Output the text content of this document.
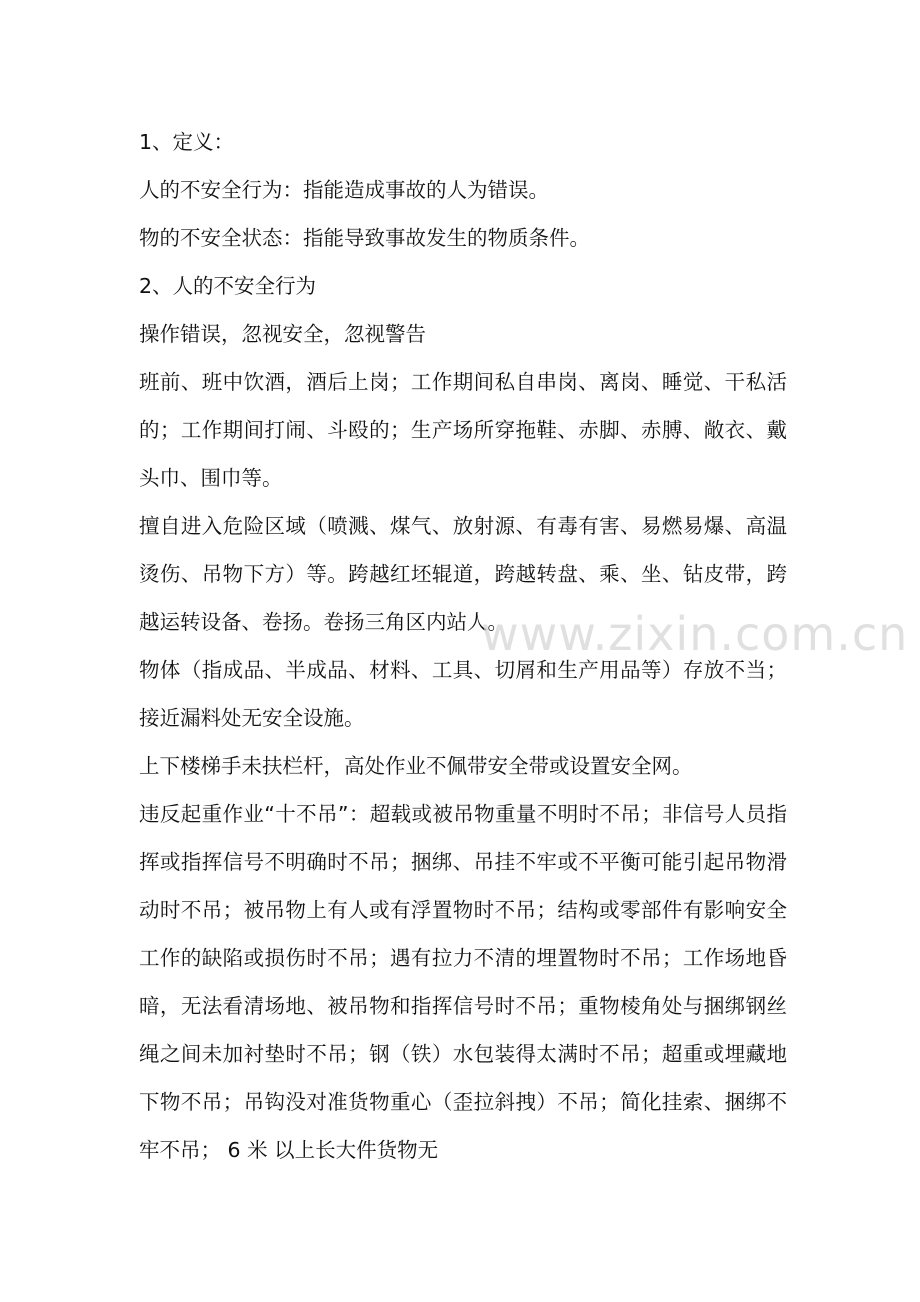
1、定义：

人的不安全行为：指能造成事故的人为错误。

物的不安全状态：指能导致事故发生的物质条件。

2、人的不安全行为

操作错误，忽视安全，忽视警告

班前、班中饮酒，酒后上岗；工作期间私自串岗、离岗、睡觉、干私活的；工作期间打闹、斗殴的；生产场所穿拖鞋、赤脚、赤膊、敞衣、戴头巾、围巾等。

擅自进入危险区域（喷溅、煤气、放射源、有毒有害、易燃易爆、高温烫伤、吊物下方）等。跨越红坯辊道，跨越转盘、乘、坐、钻皮带，跨越运转设备、卷扬。卷扬三角区内站人。

物体（指成品、半成品、材料、工具、切屑和生产用品等）存放不当；接近漏料处无安全设施。

上下楼梯手未扶栏杆，高处作业不佩带安全带或设置安全网。

违反起重作业“十不吊”：超载或被吊物重量不明时不吊；非信号人员指挥或指挥信号不明确时不吊；捆绑、吊挂不牢或不平衡可能引起吊物滑动时不吊；被吊物上有人或有浮置物时不吊；结构或零部件有影响安全工作的缺陷或损伤时不吊；遇有拉力不清的埋置物时不吊；工作场地昏暗，无法看清场地、被吊物和指挥信号时不吊；重物棱角处与捆绑钢丝绳之间未加衬垫时不吊；钢（铁）水包装得太满时不吊；超重或埋藏地下物不吊；吊钩没对准货物重心（歪拉斜拽）不吊；简化挂索、捆绑不牢不吊； 6 米 以上长大件货物无

www.zixin.com.cn
